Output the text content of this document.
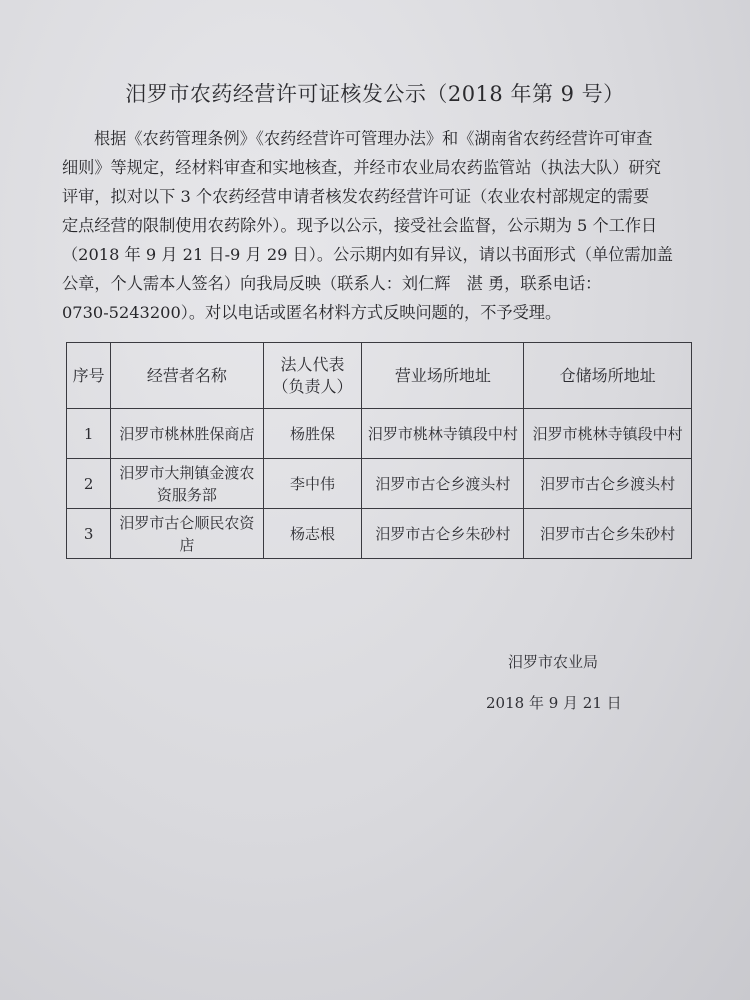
汨罗市农药经营许可证核发公示（2018 年第 9 号）
根据《农药管理条例》《农药经营许可管理办法》和《湖南省农药经营许可审查
细则》等规定，经材料审查和实地核查，并经市农业局农药监管站（执法大队）研究
评审，拟对以下 3 个农药经营申请者核发农药经营许可证（农业农村部规定的需要
定点经营的限制使用农药除外）。现予以公示，接受社会监督，公示期为 5 个工作日
（2018 年 9 月 21 日-9 月 29 日）。公示期内如有异议，请以书面形式（单位需加盖
公章，个人需本人签名）向我局反映（联系人：刘仁辉　湛 勇，联系电话：
0730-5243200）。对以电话或匿名材料方式反映问题的，不予受理。
序号	经营者名称	法人代表（负责人）	营业场所地址	仓储场所地址
1	汨罗市桃林胜保商店	杨胜保	汨罗市桃林寺镇段中村	汨罗市桃林寺镇段中村
2	汨罗市大荆镇金渡农资服务部	李中伟	汨罗市古仑乡渡头村	汨罗市古仑乡渡头村
3	汨罗市古仑顺民农资店	杨志根	汨罗市古仑乡朱砂村	汨罗市古仑乡朱砂村
汨罗市农业局
2018 年 9 月 21 日
